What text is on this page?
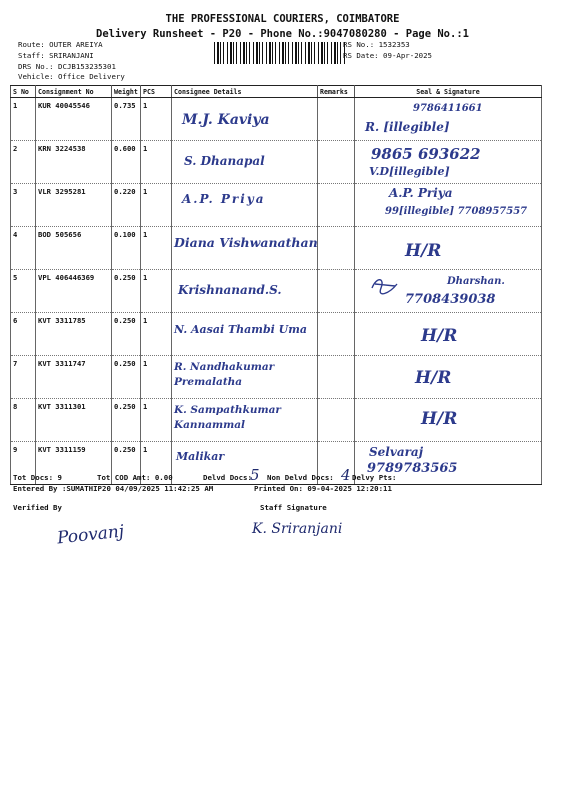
THE PROFESSIONAL COURIERS, COIMBATORE
Delivery Runsheet - P20 - Phone No.:9047080280 - Page No.:1
Route: OUTER AREIYA
Staff: SRIRANJANI
DRS No.: DCJB153235301
Vehicle: Office Delivery
RS No.: 1532353
RS Date: 09-Apr-2025
S No	Consignment No	Weight	PCS	Consignee Details	Remarks	Seal & Signature
1	KUR 40045546	0.735	1	M.J. Kaviya		9786411661
R. [illegible]

2	KRN 3224538	0.600	1	S. Dhanapal		9865 693622
V.D[illegible]

3	VLR 3295281	0.220	1	A.P. Priya		A.P. Priya
99[illegible] 7708957557

4	BOD 505656	0.100	1	Diana Vishwanathan		H/R

5	VPL 406446369	0.250	1	Krishnanand.S.		Dharshan.
7708439038

6	KVT 3311785	0.250	1	N. Aasai Thambi Uma		H/R

7	KVT 3311747	0.250	1	R. Nandhakumar Premalatha		H/R

8	KVT 3311301	0.250	1	K. Sampathkumar Kannammal		H/R

9	KVT 3311159	0.250	1	Malikar		Selvaraj
9789783565
Tot Docs: 9	Tot COD Amt: 0.00	Delvd Docs:
5 Non Delvd Docs: 4 Delvy Pts:
Entered By :SUMATHIP20 04/09/2025 11:42:25 AM	Printed On: 09-04-2025 12:20:11
Verified By	Staff Signature
Poovanj	K. Sriranjani
